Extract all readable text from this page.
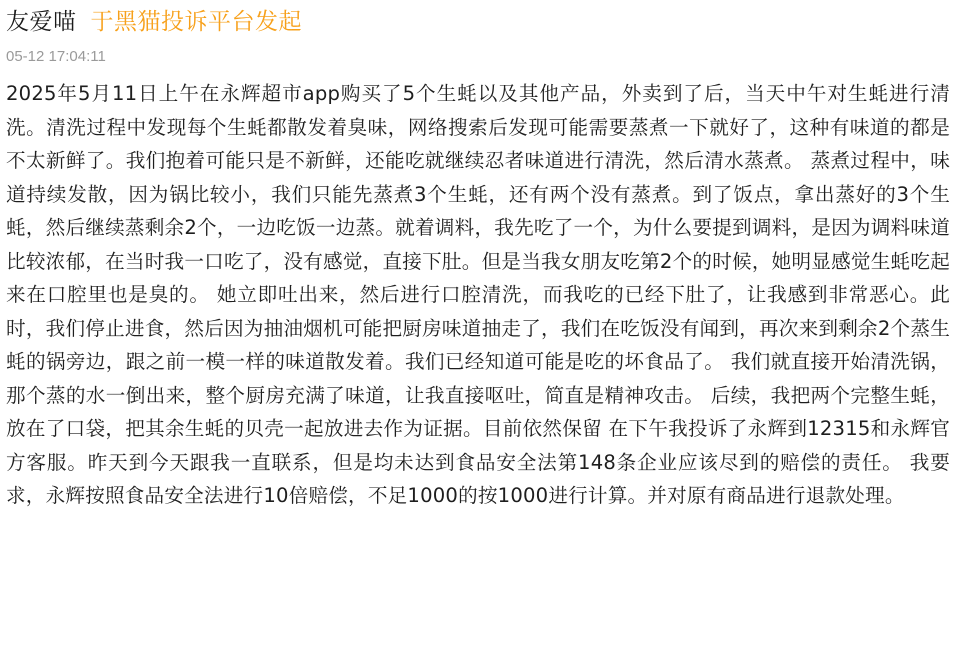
友爱喵 于黑猫投诉平台发起
05-12 17:04:11
2025年5月11日上午在永辉超市app购买了5个生蚝以及其他产品，外卖到了后，当天中午对生蚝进行清洗。清洗过程中发现每个生蚝都散发着臭味，网络搜索后发现可能需要蒸煮一下就好了，这种有味道的都是不太新鲜了。我们抱着可能只是不新鲜，还能吃就继续忍者味道进行清洗，然后清水蒸煮。 蒸煮过程中，味道持续发散，因为锅比较小，我们只能先蒸煮3个生蚝，还有两个没有蒸煮。到了饭点，拿出蒸好的3个生蚝，然后继续蒸剩余2个，一边吃饭一边蒸。就着调料，我先吃了一个，为什么要提到调料，是因为调料味道比较浓郁，在当时我一口吃了，没有感觉，直接下肚。但是当我女朋友吃第2个的时候，她明显感觉生蚝吃起来在口腔里也是臭的。 她立即吐出来，然后进行口腔清洗，而我吃的已经下肚了，让我感到非常恶心。此时，我们停止进食，然后因为抽油烟机可能把厨房味道抽走了，我们在吃饭没有闻到，再次来到剩余2个蒸生蚝的锅旁边，跟之前一模一样的味道散发着。我们已经知道可能是吃的坏食品了。 我们就直接开始清洗锅，那个蒸的水一倒出来，整个厨房充满了味道，让我直接呕吐，简直是精神攻击。 后续，我把两个完整生蚝，放在了口袋，把其余生蚝的贝壳一起放进去作为证据。目前依然保留 在下午我投诉了永辉到12315和永辉官方客服。昨天到今天跟我一直联系，但是均未达到食品安全法第148条企业应该尽到的赔偿的责任。 我要求，永辉按照食品安全法进行10倍赔偿，不足1000的按1000进行计算。并对原有商品进行退款处理。
